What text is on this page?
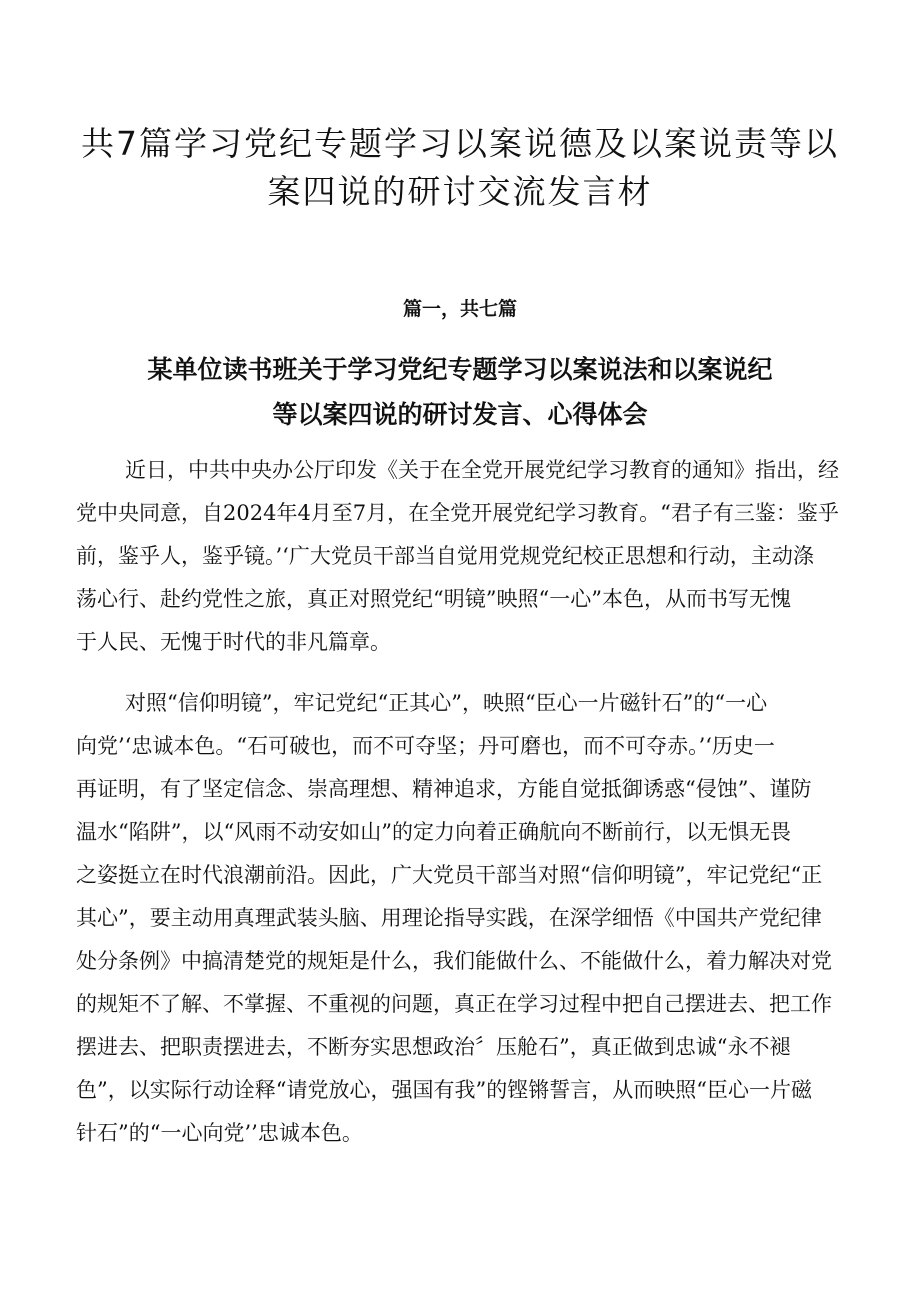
共7篇学习党纪专题学习以案说德及以案说责等以
案四说的研讨交流发言材
篇一，共七篇
某单位读书班关于学习党纪专题学习以案说法和以案说纪
等以案四说的研讨发言、心得体会

近日，中共中央办公厅印发《关于在全党开展党纪学习教育的通知》指出，经

党中央同意，自2024年4月至7月，在全党开展党纪学习教育。“君子有三鉴：鉴乎

前，鉴乎人，鉴乎镜。’‘广大党员干部当自觉用党规党纪校正思想和行动，主动涤

荡心行、赴约党性之旅，真正对照党纪“明镜”映照“一心”本色，从而书写无愧

于人民、无愧于时代的非凡篇章。

对照“信仰明镜”，牢记党纪“正其心”，映照“臣心一片磁针石”的“一心

向党’‘忠诚本色。“石可破也，而不可夺坚；丹可磨也，而不可夺赤。’‘历史一

再证明，有了坚定信念、崇高理想、精神追求，方能自觉抵御诱惑“侵蚀”、谨防

温水“陷阱”，以“风雨不动安如山”的定力向着正确航向不断前行，以无惧无畏

之姿挺立在时代浪潮前沿。因此，广大党员干部当对照“信仰明镜”，牢记党纪“正

其心”，要主动用真理武装头脑、用理论指导实践，在深学细悟《中国共产党纪律

处分条例》中搞清楚党的规矩是什么，我们能做什么、不能做什么，着力解决对党

的规矩不了解、不掌握、不重视的问题，真正在学习过程中把自己摆进去、把工作

摆进去、把职责摆进去，不断夯实思想政治〞压舱石”，真正做到忠诚“永不褪

色”，以实际行动诠释“请党放心，强国有我”的铿锵誓言，从而映照“臣心一片磁

针石”的“一心向党’’忠诚本色。
